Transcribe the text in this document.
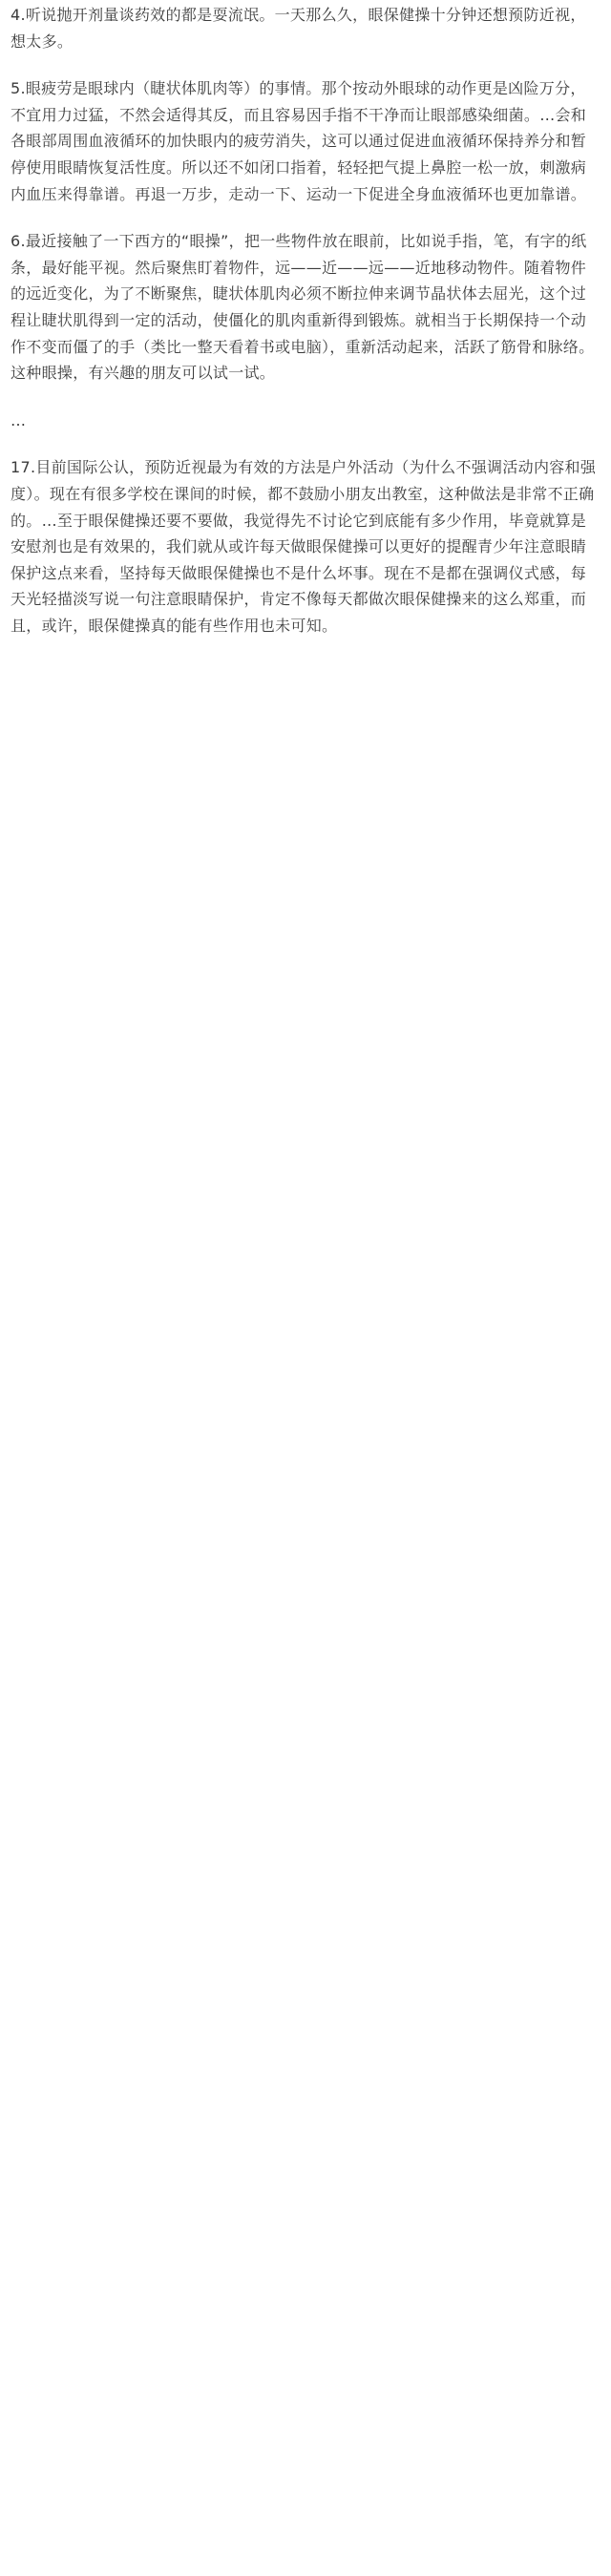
4.听说抛开剂量谈药效的都是耍流氓。一天那么久，眼保健操十分钟还想预防近视，想太多。

5.眼疲劳是眼球内（睫状体肌肉等）的事情。那个按动外眼球的动作更是凶险万分，不宜用力过猛，不然会适得其反，而且容易因手指不干净而让眼部感染细菌。…会和各眼部周围血液循环的加快眼内的疲劳消失，这可以通过促进血液循环保持养分和暂停使用眼睛恢复活性度。所以还不如闭口指着，轻轻把气提上鼻腔一松一放，刺激病内血压来得靠谱。再退一万步，走动一下、运动一下促进全身血液循环也更加靠谱。

6.最近接触了一下西方的“眼操”，把一些物件放在眼前，比如说手指，笔，有字的纸条，最好能平视。然后聚焦盯着物件，远——近——远——近地移动物件。随着物件的远近变化，为了不断聚焦，睫状体肌肉必须不断拉伸来调节晶状体去屈光，这个过程让睫状肌得到一定的活动，使僵化的肌肉重新得到锻炼。就相当于长期保持一个动作不变而僵了的手（类比一整天看着书或电脑），重新活动起来，活跃了筋骨和脉络。这种眼操，有兴趣的朋友可以试一试。

…

17.目前国际公认，预防近视最为有效的方法是户外活动（为什么不强调活动内容和强度）。现在有很多学校在课间的时候，都不鼓励小朋友出教室，这种做法是非常不正确的。…至于眼保健操还要不要做，我觉得先不讨论它到底能有多少作用，毕竟就算是安慰剂也是有效果的，我们就从或许每天做眼保健操可以更好的提醒青少年注意眼睛保护这点来看，坚持每天做眼保健操也不是什么坏事。现在不是都在强调仪式感，每天光轻描淡写说一句注意眼睛保护，肯定不像每天都做次眼保健操来的这么郑重，而且，或许，眼保健操真的能有些作用也未可知。
